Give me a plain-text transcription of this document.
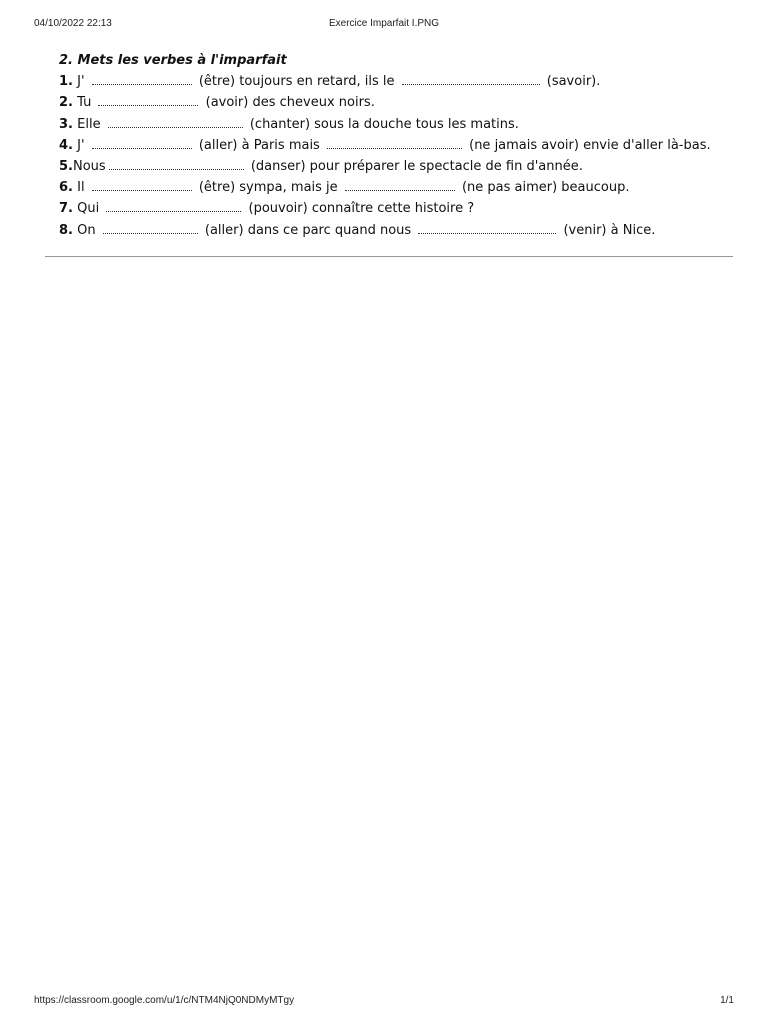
04/10/2022 22:13	Exercice Imparfait I.PNG
2. Mets les verbes à l'imparfait
1. J'	(être) toujours en retard, ils le	(savoir).
2. Tu	(avoir) des cheveux noirs.
3. Elle	(chanter) sous la douche tous les matins.
4. J'	(aller) à Paris mais	(ne jamais avoir) envie d'aller là-bas.
5.Nous	(danser) pour préparer le spectacle de fin d'année.
6. Il	(être) sympa, mais je	(ne pas aimer) beaucoup.
7. Qui	(pouvoir) connaître cette histoire ?
8. On	(aller) dans ce parc quand nous	(venir) à Nice.
https://classroom.google.com/u/1/c/NTM4NjQ0NDMyMTgy	1/1
